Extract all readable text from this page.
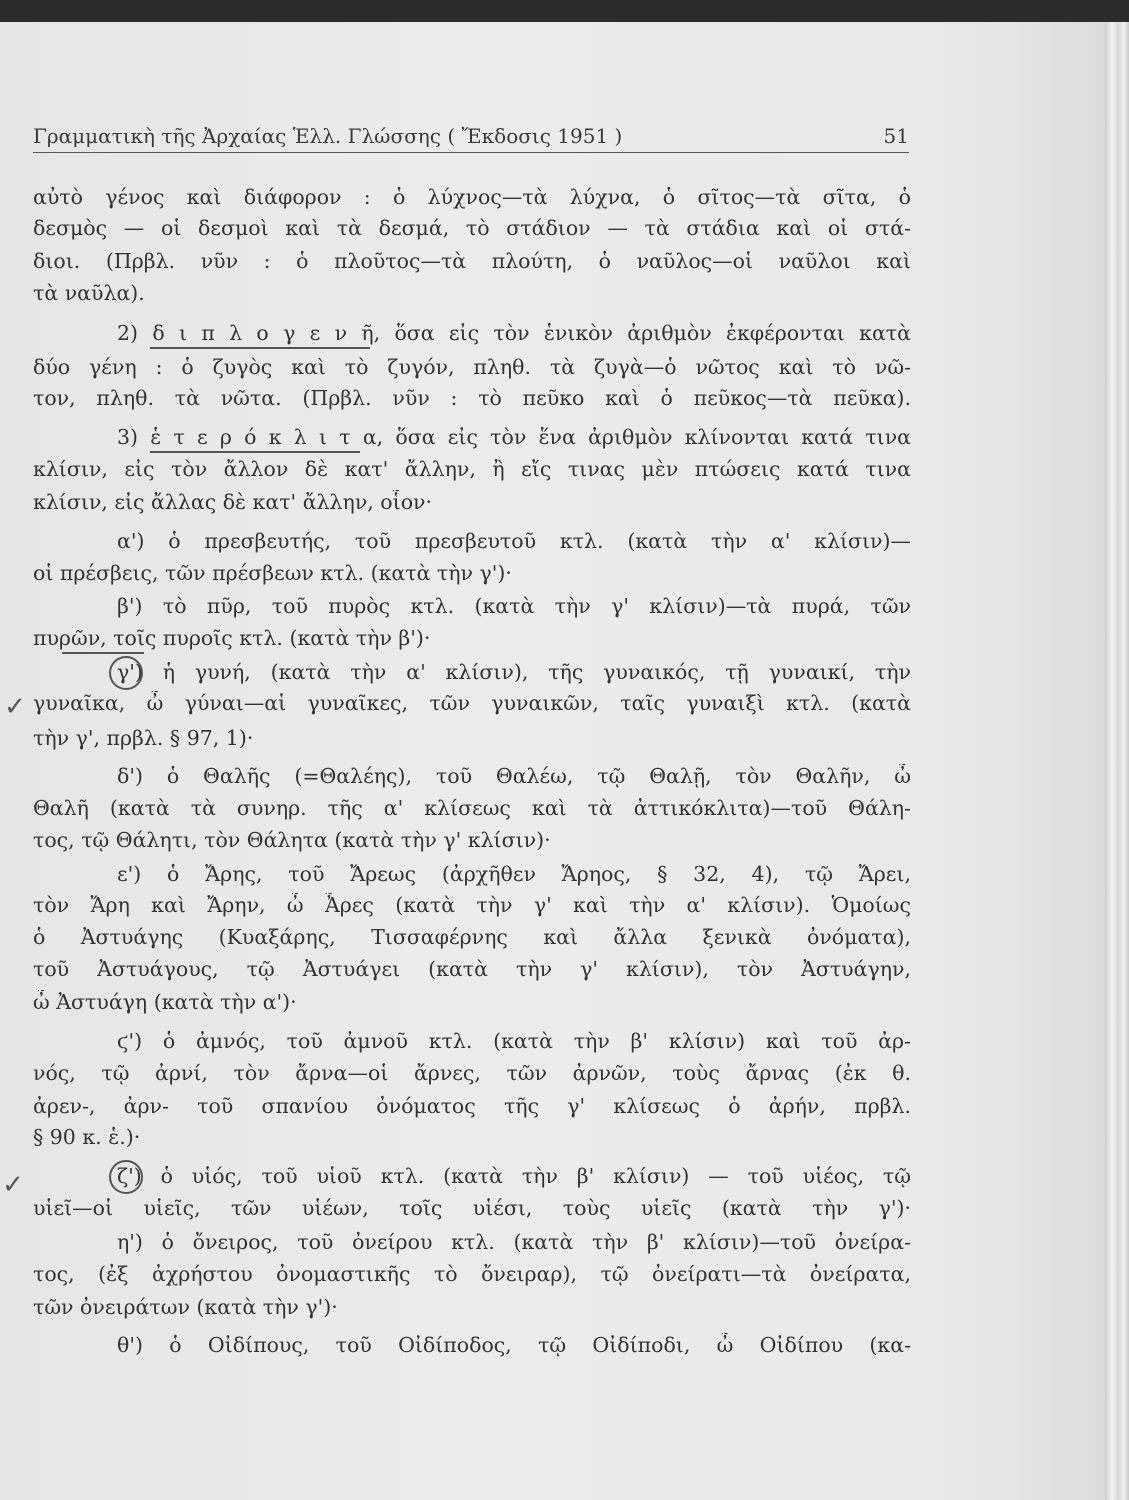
Γραμματικὴ τῆς Ἀρχαίας Ἑλλ. Γλώσσης ( Ἔκδοσις 1951 )	51
αὐτὸ γένος καὶ διάφορον : ὁ λύχνος—τὰ λύχνα, ὁ σῖτος—τὰ σῖτα, ὁ
δεσμὸς — οἱ δεσμοὶ καὶ τὰ δεσμά, τὸ στάδιον — τὰ στάδια καὶ οἱ στά-
διοι. (Πρβλ. νῦν : ὁ πλοῦτος—τὰ πλούτη, ὁ ναῦλος—οἱ ναῦλοι καὶ
τὰ ναῦλα).
2) δ ι π λ ο γ ε ν ῆ, ὅσα εἰς τὸν ἑνικὸν ἀριθμὸν ἐκφέρονται κατὰ
δύο γένη : ὁ ζυγὸς καὶ τὸ ζυγόν, πληθ. τὰ ζυγὰ—ὁ νῶτος καὶ τὸ νῶ-
τον, πληθ. τὰ νῶτα. (Πρβλ. νῦν : τὸ πεῦκο καὶ ὁ πεῦκος—τὰ πεῦκα).
3) ἑ τ ε ρ ό κ λ ι τ α, ὅσα εἰς τὸν ἕνα ἀριθμὸν κλίνονται κατά τινα
κλίσιν, εἰς τὸν ἄλλον δὲ κατ' ἄλλην, ἢ εἴς τινας μὲν πτώσεις κατά τινα
κλίσιν, εἰς ἄλλας δὲ κατ' ἄλλην, οἷον·
α') ὁ πρεσβευτής, τοῦ πρεσβευτοῦ κτλ. (κατὰ τὴν α' κλίσιν)—
οἱ πρέσβεις, τῶν πρέσβεων κτλ. (κατὰ τὴν γ')·
β') τὸ πῦρ, τοῦ πυρὸς κτλ. (κατὰ τὴν γ' κλίσιν)—τὰ πυρά, τῶν
πυρῶν, τοῖς πυροῖς κτλ. (κατὰ τὴν β')·
γ') ἡ γυνή, (κατὰ τὴν α' κλίσιν), τῆς γυναικός, τῇ γυναικί, τὴν
γυναῖκα, ὦ γύναι—αἱ γυναῖκες, τῶν γυναικῶν, ταῖς γυναιξὶ κτλ. (κατὰ
τὴν γ', πρβλ. § 97, 1)·
δ') ὁ Θαλῆς (=Θαλέης), τοῦ Θαλέω, τῷ Θαλῇ, τὸν Θαλῆν, ὦ
Θαλῆ (κατὰ τὰ συνηρ. τῆς α' κλίσεως καὶ τὰ ἀττικόκλιτα)—τοῦ Θάλη-
τος, τῷ Θάλητι, τὸν Θάλητα (κατὰ τὴν γ' κλίσιν)·
ε') ὁ Ἄρης, τοῦ Ἄρεως (ἀρχῆθεν Ἄρηος, § 32, 4), τῷ Ἄρει,
τὸν Ἄρη καὶ Ἄρην, ὦ Ἆρες (κατὰ τὴν γ' καὶ τὴν α' κλίσιν). Ὁμοίως
ὁ Ἀστυάγης (Κυαξάρης, Τισσαφέρνης καὶ ἄλλα ξενικὰ ὀνόματα),
τοῦ Ἀστυάγους, τῷ Ἀστυάγει (κατὰ τὴν γ' κλίσιν), τὸν Ἀστυάγην,
ὦ Ἀστυάγη (κατὰ τὴν α')·
ϛ') ὁ ἀμνός, τοῦ ἀμνοῦ κτλ. (κατὰ τὴν β' κλίσιν) καὶ τοῦ ἀρ-
νός, τῷ ἀρνί, τὸν ἄρνα—οἱ ἄρνες, τῶν ἀρνῶν, τοὺς ἄρνας (ἐκ θ.
ἀρεν-, ἀρν- τοῦ σπανίου ὀνόματος τῆς γ' κλίσεως ὁ ἀρήν, πρβλ.
§ 90 κ. ἑ.)·
ζ') ὁ υἱός, τοῦ υἱοῦ κτλ. (κατὰ τὴν β' κλίσιν) — τοῦ υἱέος, τῷ
υἱεῖ—οἱ υἱεῖς, τῶν υἱέων, τοῖς υἱέσι, τοὺς υἱεῖς (κατὰ τὴν γ')·
η') ὁ ὄνειρος, τοῦ ὀνείρου κτλ. (κατὰ τὴν β' κλίσιν)—τοῦ ὀνείρα-
τος, (ἐξ ἀχρήστου ὀνομαστικῆς τὸ ὄνειραρ), τῷ ὀνείρατι—τὰ ὀνείρατα,
τῶν ὀνειράτων (κατὰ τὴν γ')·
θ') ὁ Οἰδίπους, τοῦ Οἰδίποδος, τῷ Οἰδίποδι, ὦ Οἰδίπου (κα-
✓
✓
